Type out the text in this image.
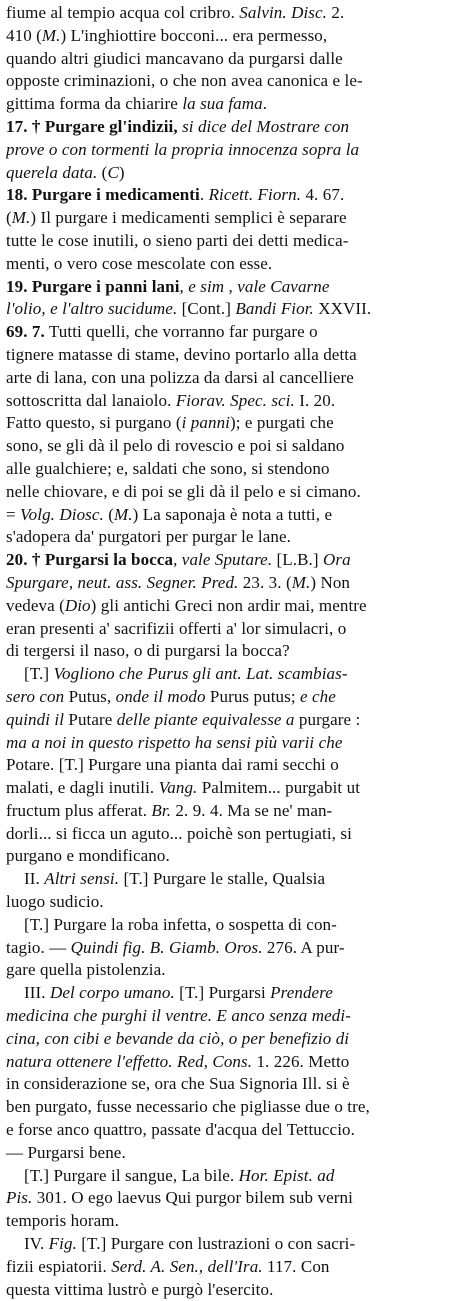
fiume al tempio acqua col cribro. Salvin. Disc. 2.
410 (M.) L'inghiottire bocconi... era permesso,
quando altri giudici mancavano da purgarsi dalle
opposte criminazioni, o che non avea canonica e le-
gittima forma da chiarire la sua fama.
17. † Purgare gl'indizii, si dice del Mostrare con
prove o con tormenti la propria innocenza sopra la
querela data. (C)
18. Purgare i medicamenti. Ricett. Fiorn. 4. 67.
(M.) Il purgare i medicamenti semplici è separare
tutte le cose inutili, o sieno parti dei detti medica-
menti, o vero cose mescolate con esse.
19. Purgare i panni lani, e sim , vale Cavarne
l'olio, e l'altro sucidume. [Cont.] Bandi Fior. XXVII.
69. 7. Tutti quelli, che vorranno far purgare o
tignere matasse di stame, devino portarlo alla detta
arte di lana, con una polizza da darsi al cancelliere
sottoscritta dal lanaiolo. Fiorav. Spec. sci. I. 20.
Fatto questo, si purgano (i panni); e purgati che
sono, se gli dà il pelo di rovescio e poi si saldano
alle gualchiere; e, saldati che sono, si stendono
nelle chiovare, e di poi se gli dà il pelo e si cimano.
= Volg. Diosc. (M.) La saponaja è nota a tutti, e
s'adopera da' purgatori per purgar le lane.
20. † Purgarsi la bocca, vale Sputare. [L.B.] Ora
Spurgare, neut. ass. Segner. Pred. 23. 3. (M.) Non
vedeva (Dio) gli antichi Greci non ardir mai, mentre
eran presenti a' sacrifizii offerti a' lor simulacri, o
di tergersi il naso, o di purgarsi la bocca?
[T.] Vogliono che Purus gli ant. Lat. scambias-
sero con Putus, onde il modo Purus putus; e che
quindi il Putare delle piante equivalesse a purgare :
ma a noi in questo rispetto ha sensi più varii che
Potare. [T.] Purgare una pianta dai rami secchi o
malati, e dagli inutili. Vang. Palmitem... purgabit ut
fructum plus afferat. Br. 2. 9. 4. Ma se ne' man-
dorli... si ficca un aguto... poichè son pertugiati, si
purgano e mondificano.
II. Altri sensi. [T.] Purgare le stalle, Qualsia
luogo sudicio.
[T.] Purgare la roba infetta, o sospetta di con-
tagio. — Quindi fig. B. Giamb. Oros. 276. A pur-
gare quella pistolenzia.
III. Del corpo umano. [T.] Purgarsi Prendere
medicina che purghi il ventre. E anco senza medi-
cina, con cibi e bevande da ciò, o per benefizio di
natura ottenere l'effetto. Red, Cons. 1. 226. Metto
in considerazione se, ora che Sua Signoria Ill. si è
ben purgato, fusse necessario che pigliasse due o tre,
e forse anco quattro, passate d'acqua del Tettuccio.
— Purgarsi bene.
[T.] Purgare il sangue, La bile. Hor. Epist. ad
Pis. 301. O ego laevus Qui purgor bilem sub verni
temporis horam.
IV. Fig. [T.] Purgare con lustrazioni o con sacri-
fizii espiatorii. Serd. A. Sen., dell'Ira. 117. Con
questa vittima lustrò e purgò l'esercito.
